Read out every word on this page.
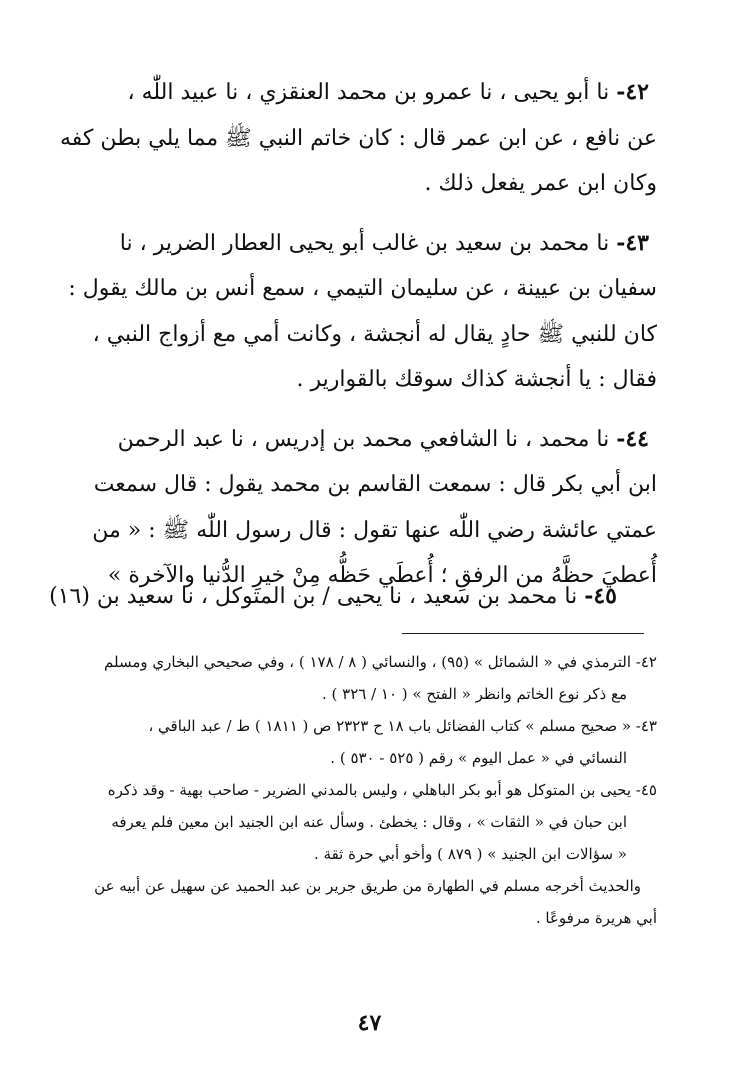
٤٢- نا أبو يحيى ، نا عمرو بن محمد العنقزي ، نا عبيد اللّٰه ،
عن نافع ، عن ابن عمر قال : كان خاتم النبي ﷺ مما يلي بطن كفه
وكان ابن عمر يفعل ذلك .

٤٣- نا محمد بن سعيد بن غالب أبو يحيى العطار الضرير ، نا
سفيان بن عيينة ، عن سليمان التيمي ، سمع أنس بن مالك يقول :
كان للنبي ﷺ حادٍ يقال له أنجشة ، وكانت أمي مع أزواج النبي ،
فقال : يا أنجشة كذاك سوقك بالقوارير .

٤٤- نا محمد ، نا الشافعي محمد بن إدريس ، نا عبد الرحمن
ابن أبي بكر قال : سمعت القاسم بن محمد يقول : قال سمعت
عمتي عائشة رضي اللّٰه عنها تقول : قال رسول اللّٰه ﷺ : « من
أُعطيَ حظَّهُ من الرفقِ ؛ أُعطَي حَظُّه مِنْ خيرِ الدُّنيا والآخرة »

٤٥- نا محمد بن سعيد ، نا يحيى / بن المتوكل ، نا سعيد بن (١٦)

٤٢- الترمذي في « الشمائل » (٩٥) ، والنسائي ( ٨ / ١٧٨ ) ، وفي صحيحي البخاري ومسلم
مع ذكر نوع الخاتم وانظر « الفتح » ( ١٠ / ٣٢٦ ) .

٤٣- « صحيح مسلم » كتاب الفضائل باب ١٨ ح ٢٣٢٣ ص ( ١٨١١ ) ط / عبد الباقي ،
النسائي في « عمل اليوم » رقم ( ٥٢٥ - ٥٣٠ ) .

٤٥- يحيى بن المتوكل هو أبو بكر الباهلي ، وليس بالمدني الضرير - صاحب بهية - وقد ذكره
ابن حبان في « الثقات » ، وقال : يخطئ . وسأل عنه ابن الجنيد ابن معين فلم يعرفه
« سؤالات ابن الجنيد » ( ٨٧٩ ) وأخو أبي حرة ثقة .

والحديث أخرجه مسلم في الطهارة من طريق جرير بن عبد الحميد عن سهيل عن أبيه عن
أبي هريرة مرفوعًا .

٤٧
